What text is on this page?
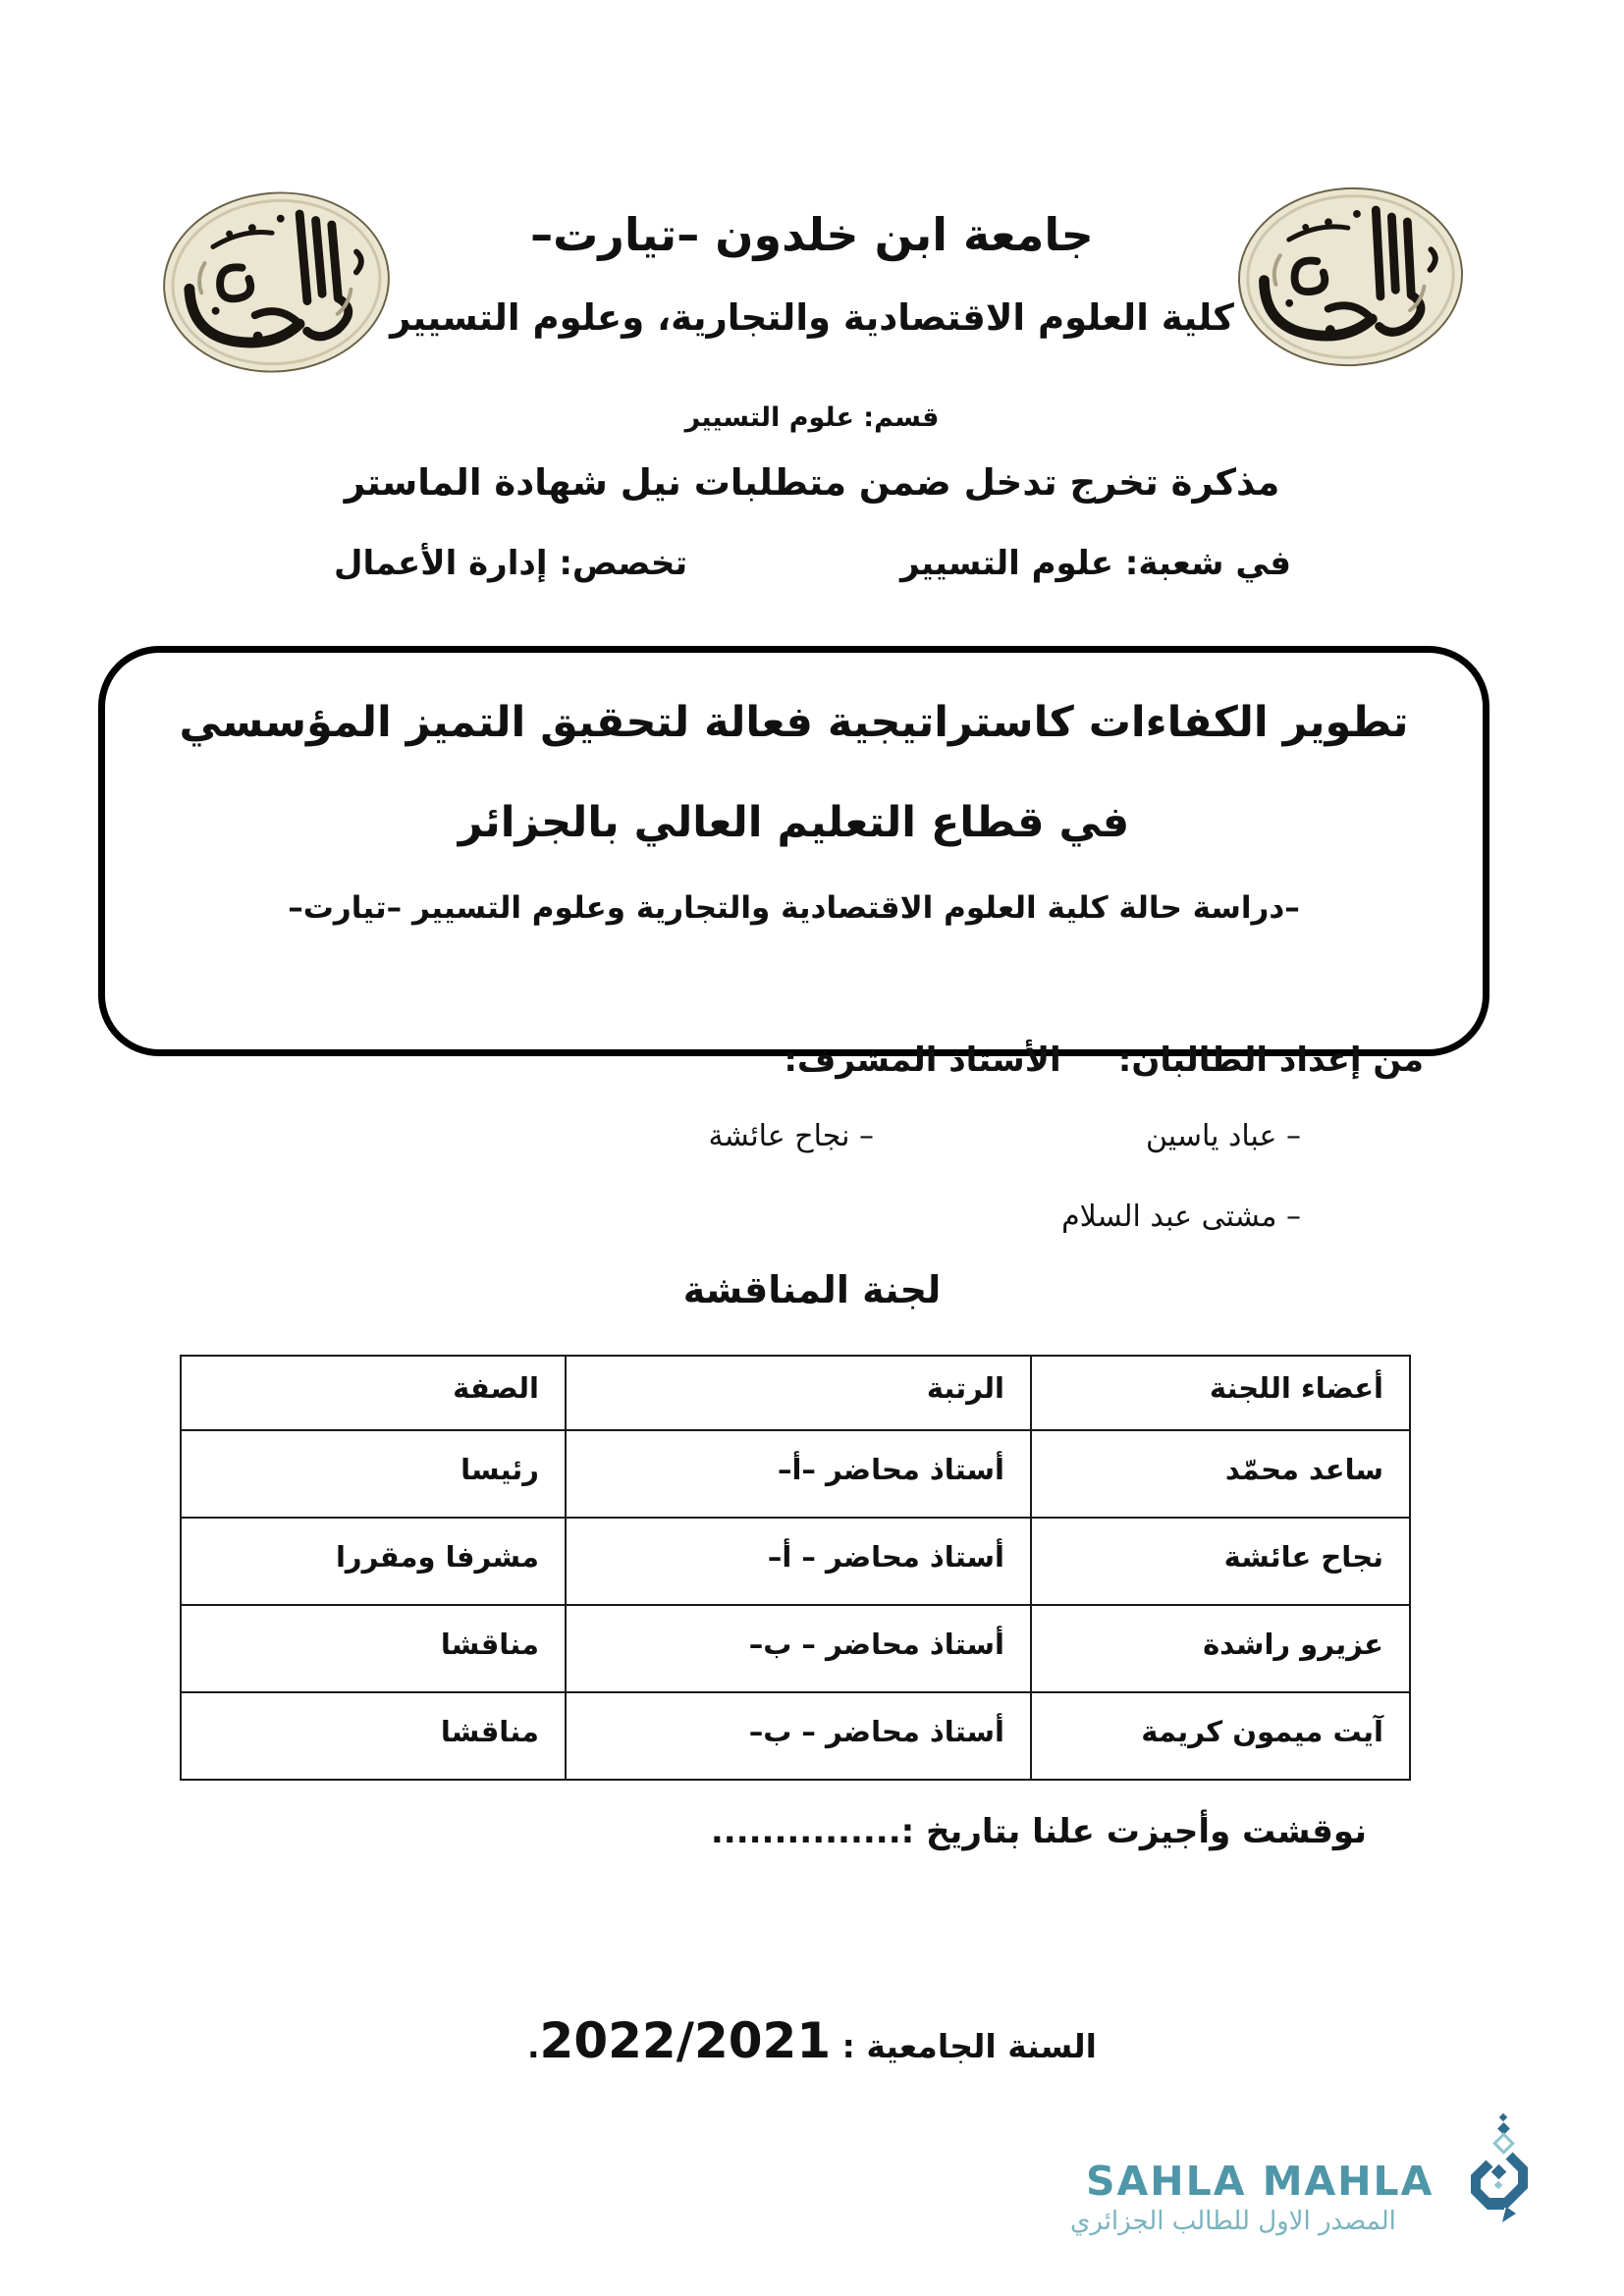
جامعة ابن خلدون –تيارت–
كلية العلوم الاقتصادية والتجارية، وعلوم التسيير
قسم: علوم التسيير
مذكرة تخرج تدخل ضمن متطلبات نيل شهادة الماستر
في شعبة: علوم التسيير
تخصص: إدارة الأعمال
تطوير الكفاءات كاستراتيجية فعالة لتحقيق التميز المؤسسي
في قطاع التعليم العالي بالجزائر
–دراسة حالة كلية العلوم الاقتصادية والتجارية وعلوم التسيير –تيارت–
من إعداد الطالبان:
الأستاذ المشرف:
– عباد ياسين
– نجاح عائشة
– مشتى عبد السلام
لجنة المناقشة
أعضاء اللجنة	الرتبة	الصفة
ساعد محمّد	أستاذ محاضر –أ–	رئيسا
نجاح عائشة	أستاذ محاضر – أ–	مشرفا ومقررا
عزيرو راشدة	أستاذ محاضر – ب–	مناقشا
آيت ميمون كريمة	أستاذ محاضر – ب–	مناقشا
نوقشت وأجيزت علنا بتاريخ :...............
السنة الجامعية : 2022/2021.
SAHLA MAHLA
المصدر الاول للطالب الجزائري
